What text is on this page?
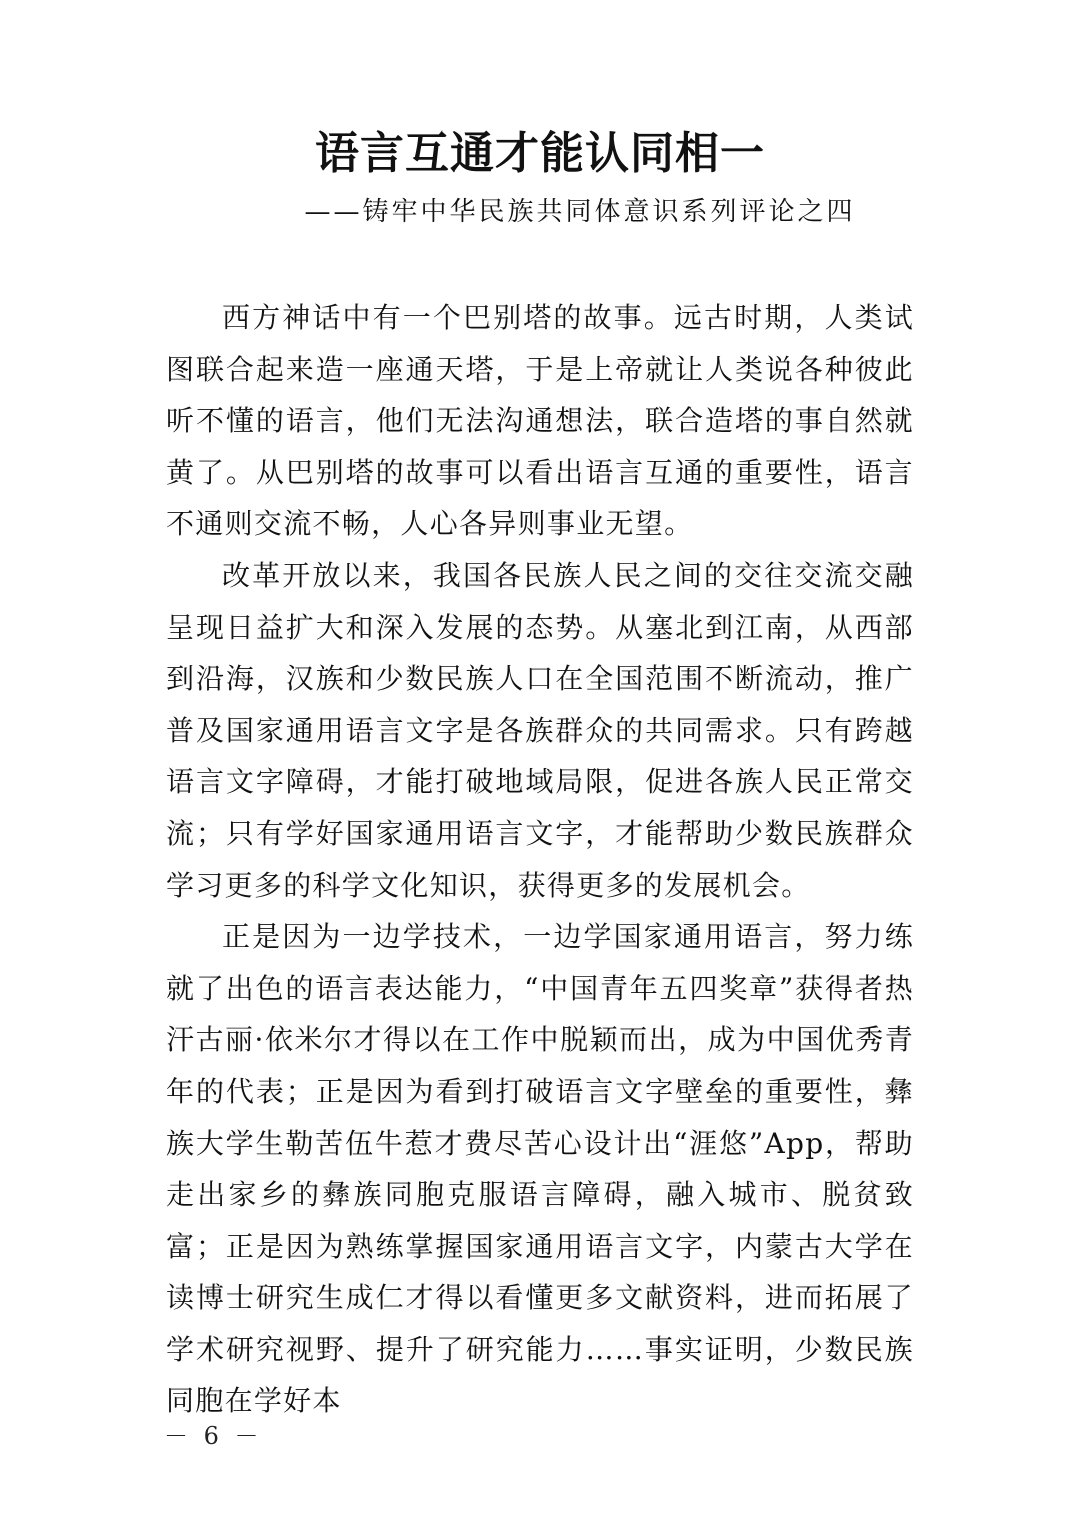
语言互通才能认同相一

——铸牢中华民族共同体意识系列评论之四

西方神话中有一个巴别塔的故事。远古时期，人类试图联合起来造一座通天塔，于是上帝就让人类说各种彼此听不懂的语言，他们无法沟通想法，联合造塔的事自然就黄了。从巴别塔的故事可以看出语言互通的重要性，语言不通则交流不畅，人心各异则事业无望。

改革开放以来，我国各民族人民之间的交往交流交融呈现日益扩大和深入发展的态势。从塞北到江南，从西部到沿海，汉族和少数民族人口在全国范围不断流动，推广普及国家通用语言文字是各族群众的共同需求。只有跨越语言文字障碍，才能打破地域局限，促进各族人民正常交流；只有学好国家通用语言文字，才能帮助少数民族群众学习更多的科学文化知识，获得更多的发展机会。

正是因为一边学技术，一边学国家通用语言，努力练就了出色的语言表达能力，“中国青年五四奖章”获得者热汗古丽·依米尔才得以在工作中脱颖而出，成为中国优秀青年的代表；正是因为看到打破语言文字壁垒的重要性，彝族大学生勒苦伍牛惹才费尽苦心设计出“涯悠”App，帮助走出家乡的彝族同胞克服语言障碍，融入城市、脱贫致富；正是因为熟练掌握国家通用语言文字，内蒙古大学在读博士研究生成仁才得以看懂更多文献资料，进而拓展了学术研究视野、提升了研究能力……事实证明，少数民族同胞在学好本

－ 6 －
